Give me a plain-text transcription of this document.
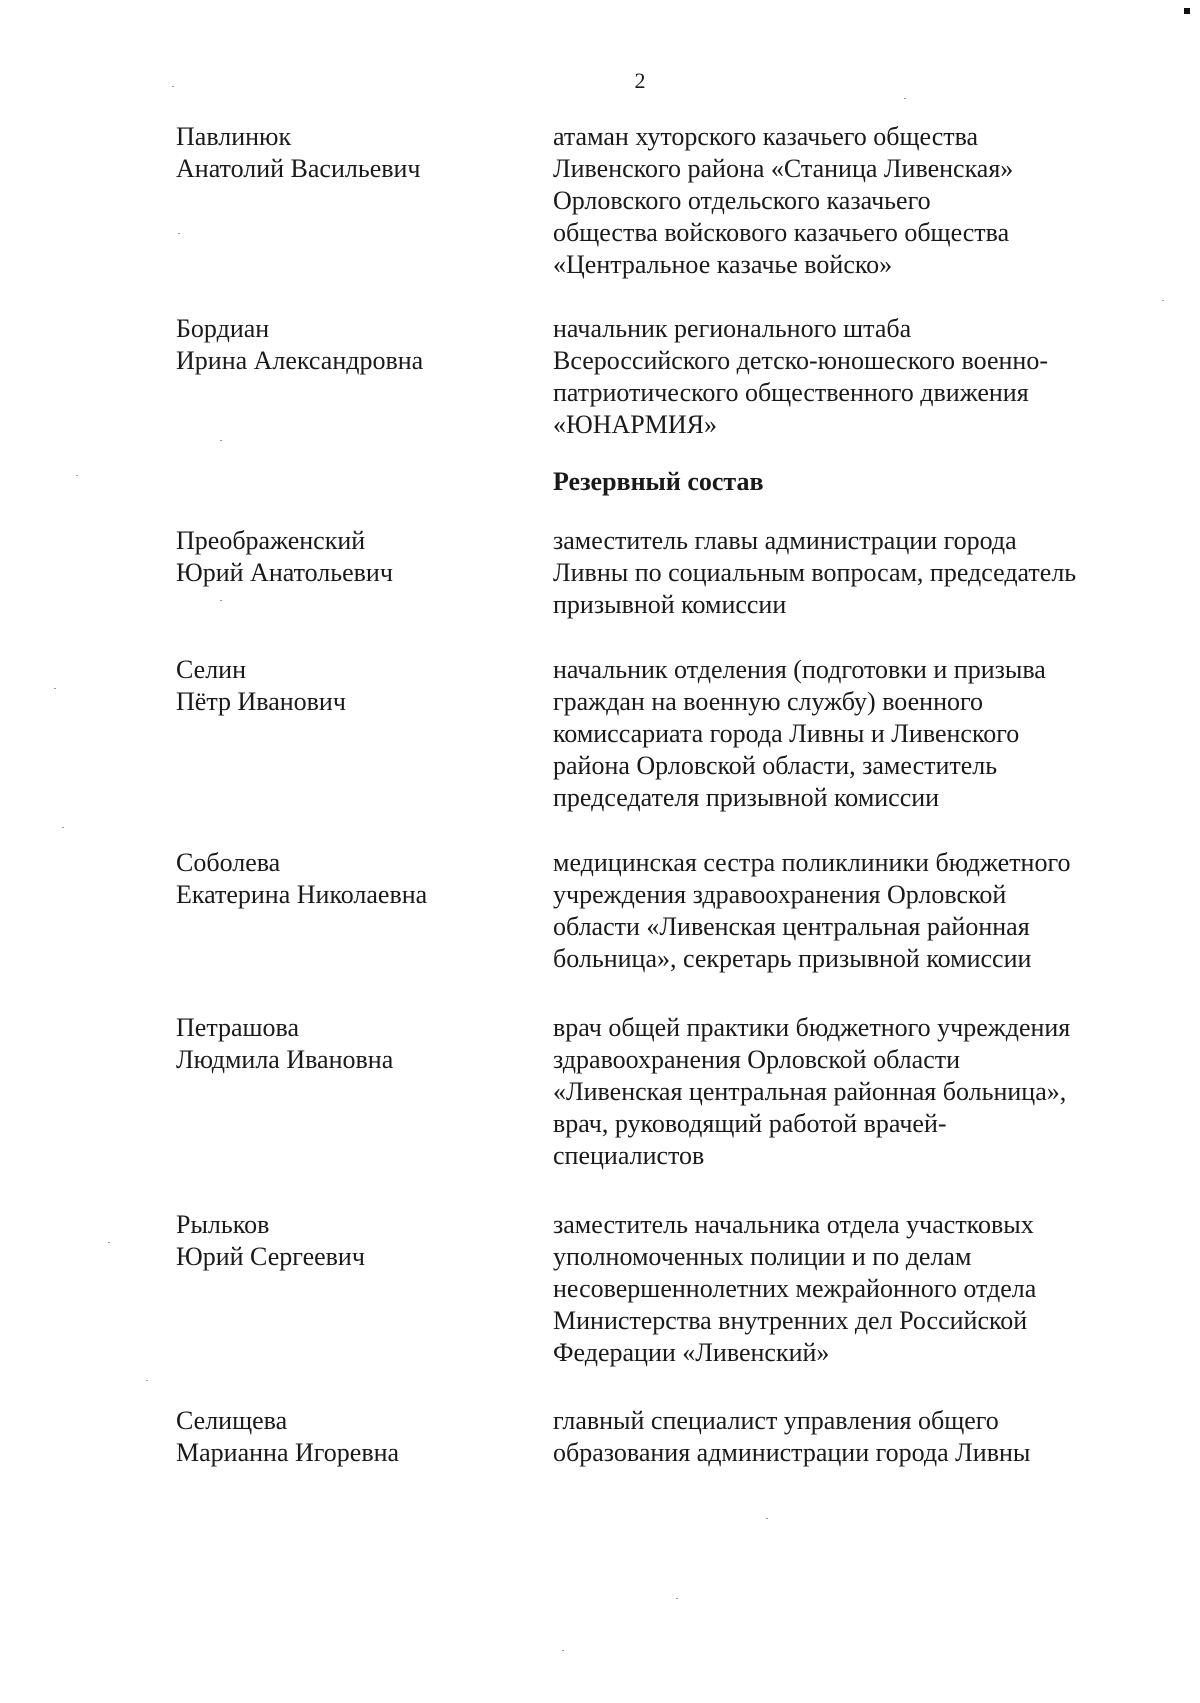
2
Павлинюк
Анатолий Васильевич
атаман хуторского казачьего общества
Ливенского района «Станица Ливенская»
Орловского отдельского казачьего
общества войскового казачьего общества
«Центральное казачье войско»
Бордиан
Ирина Александровна
начальник регионального штаба
Всероссийского детско-юношеского военно-
патриотического общественного движения
«ЮНАРМИЯ»
Резервный состав
Преображенский
Юрий Анатольевич
заместитель главы администрации города
Ливны по социальным вопросам, председатель
призывной комиссии
Селин
Пётр Иванович
начальник отделения (подготовки и призыва
граждан на военную службу) военного
комиссариата города Ливны и Ливенского
района Орловской области, заместитель
председателя призывной комиссии
Соболева
Екатерина Николаевна
медицинская сестра поликлиники бюджетного
учреждения здравоохранения Орловской
области «Ливенская центральная районная
больница», секретарь призывной комиссии
Петрашова
Людмила Ивановна
врач общей практики бюджетного учреждения
здравоохранения Орловской области
«Ливенская центральная районная больница»,
врач, руководящий работой врачей-
специалистов
Рыльков
Юрий Сергеевич
заместитель начальника отдела участковых
уполномоченных полиции и по делам
несовершеннолетних межрайонного отдела
Министерства внутренних дел Российской
Федерации «Ливенский»
Селищева
Марианна Игоревна
главный специалист управления общего
образования администрации города Ливны
